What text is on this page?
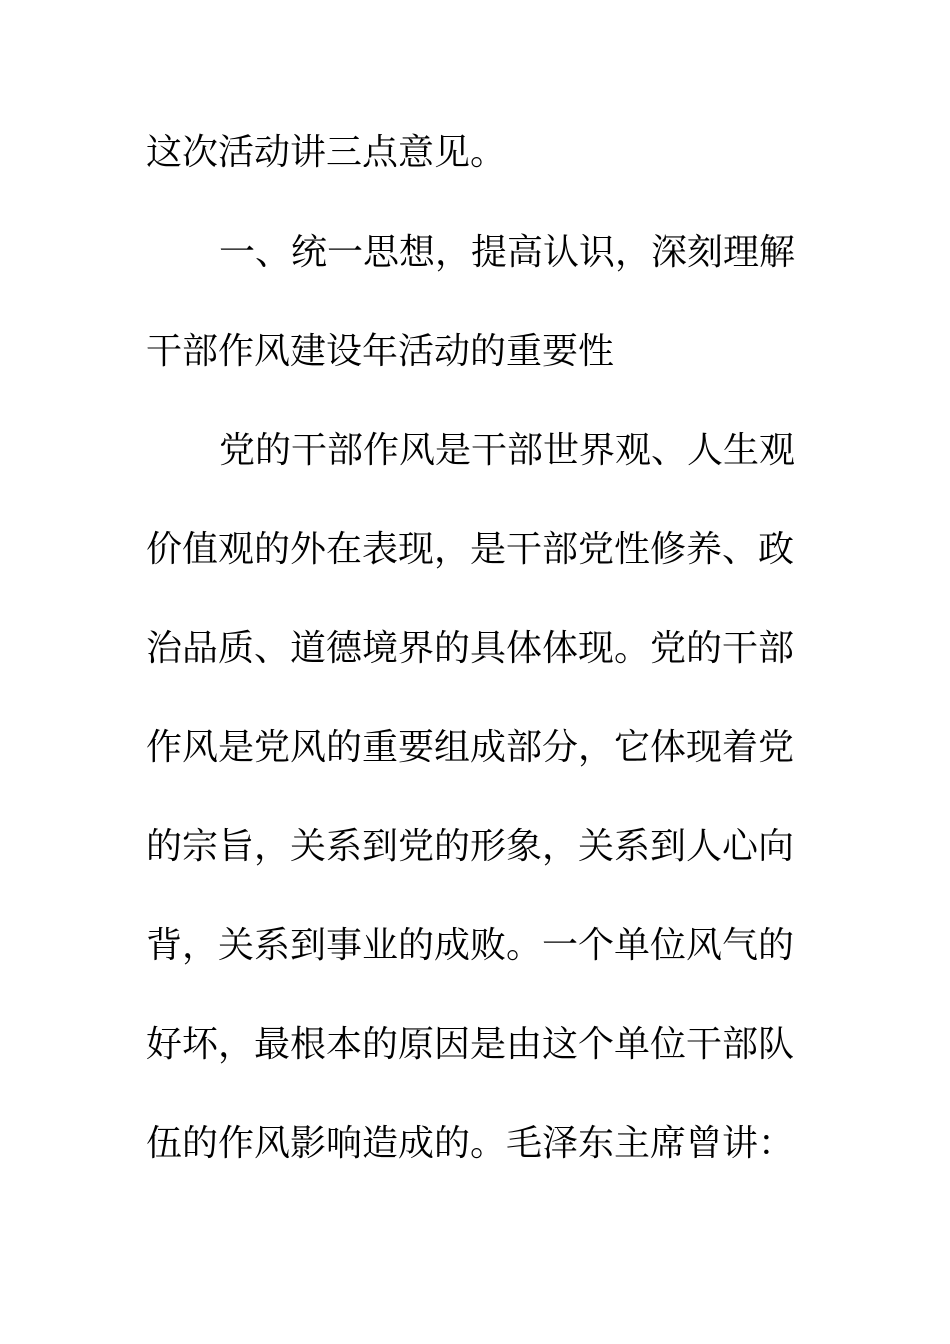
这次活动讲三点意见。
一、统一思想，提高认识，深刻理解
干部作风建设年活动的重要性
党的干部作风是干部世界观、人生观
价值观的外在表现，是干部党性修养、政
治品质、道德境界的具体体现。党的干部
作风是党风的重要组成部分，它体现着党
的宗旨，关系到党的形象，关系到人心向
背，关系到事业的成败。一个单位风气的
好坏，最根本的原因是由这个单位干部队
伍的作风影响造成的。毛泽东主席曾讲：
